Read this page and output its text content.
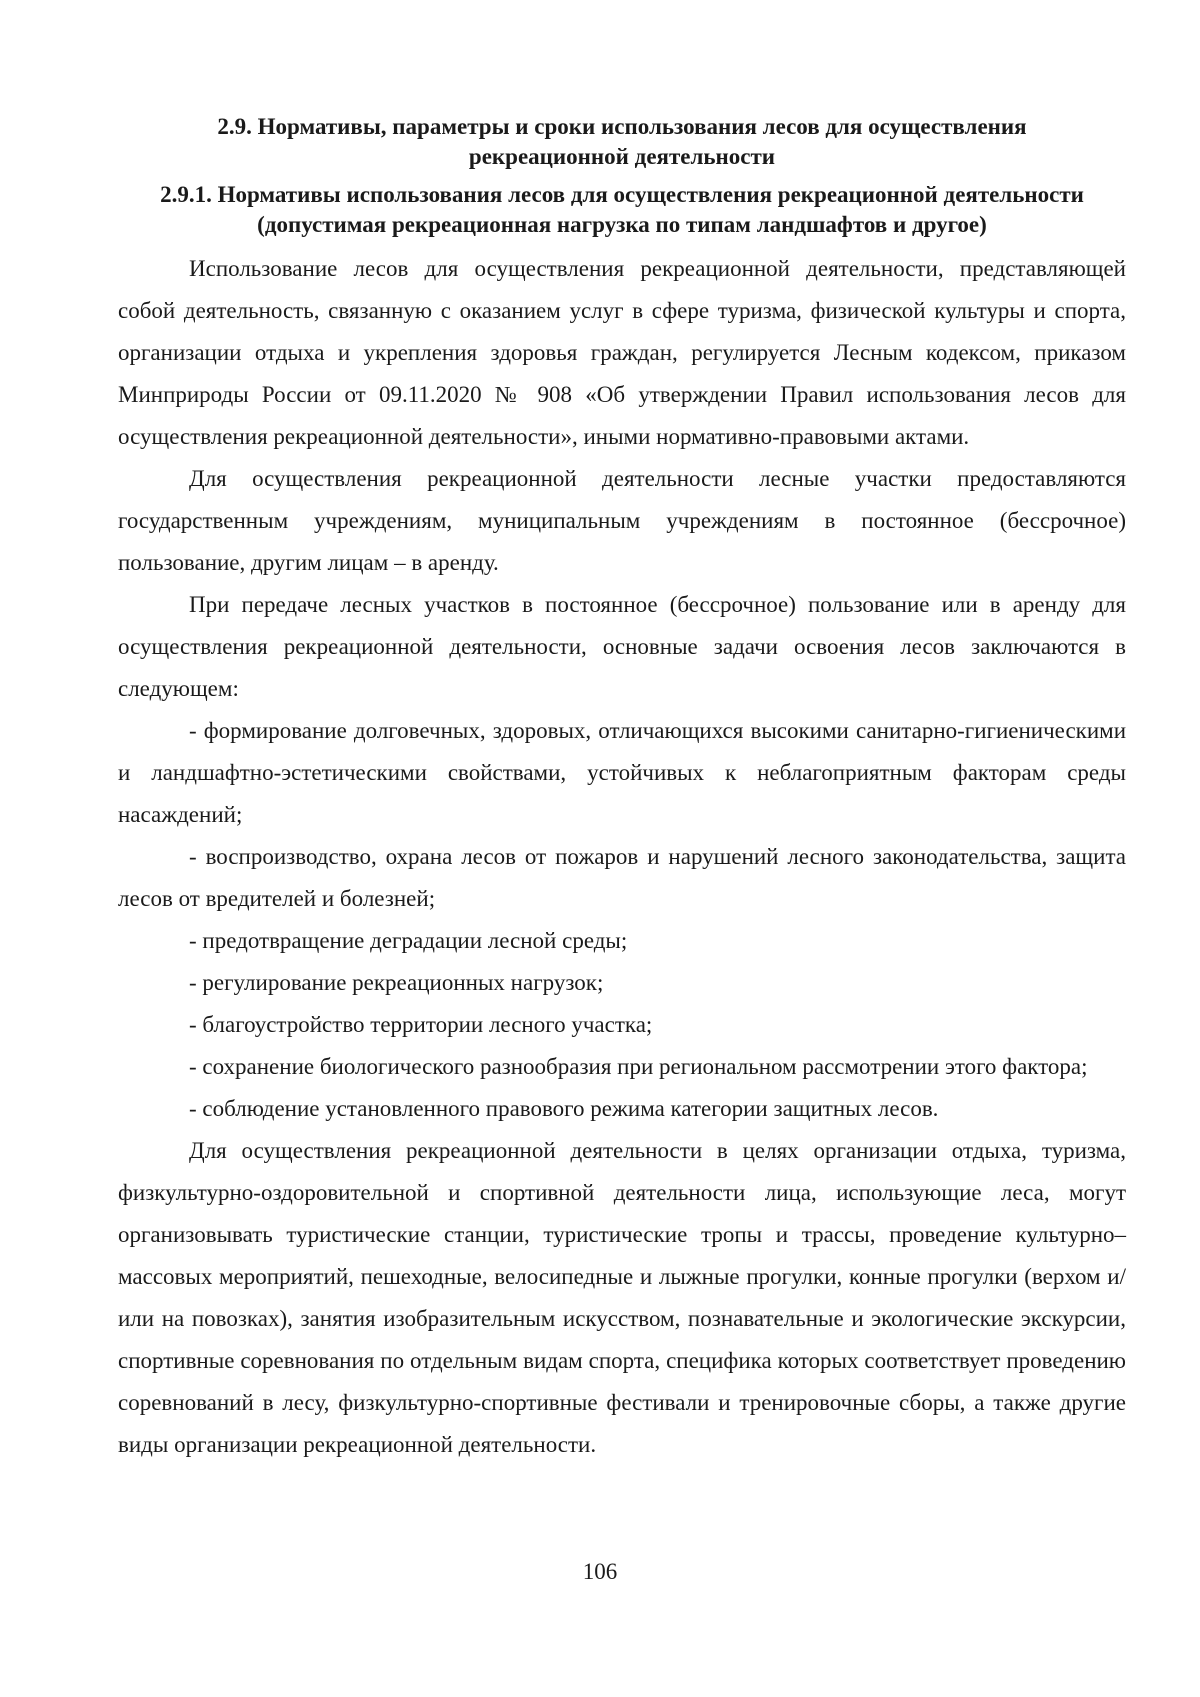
2.9. Нормативы, параметры и сроки использования лесов для осуществления
рекреационной деятельности
2.9.1. Нормативы использования лесов для осуществления рекреационной деятельности
(допустимая рекреационная нагрузка по типам ландшафтов и другое)

Использование лесов для осуществления рекреационной деятельности, представляющей собой деятельность, связанную с оказанием услуг в сфере туризма, физической культуры и спорта, организации отдыха и укрепления здоровья граждан, регулируется Лесным кодексом, приказом Минприроды России от 09.11.2020 № 908 «Об утверждении Правил использования лесов для осуществления рекреационной деятельности», иными нормативно-правовыми актами.

Для осуществления рекреационной деятельности лесные участки предоставляются государственным учреждениям, муниципальным учреждениям в постоянное (бессрочное) пользование, другим лицам – в аренду.

При передаче лесных участков в постоянное (бессрочное) пользование или в аренду для осуществления рекреационной деятельности, основные задачи освоения лесов заключаются в следующем:

- формирование долговечных, здоровых, отличающихся высокими санитарно-гигиеническими и ландшафтно-эстетическими свойствами, устойчивых к неблагоприятным факторам среды насаждений;

- воспроизводство, охрана лесов от пожаров и нарушений лесного законодательства, защита лесов от вредителей и болезней;

- предотвращение деградации лесной среды;

- регулирование рекреационных нагрузок;

- благоустройство территории лесного участка;

- сохранение биологического разнообразия при региональном рассмотрении этого фактора;

- соблюдение установленного правового режима категории защитных лесов.

Для осуществления рекреационной деятельности в целях организации отдыха, туризма, физкультурно-оздоровительной и спортивной деятельности лица, использующие леса, могут организовывать туристические станции, туристические тропы и трассы, проведение культурно–массовых мероприятий, пешеходные, велосипедные и лыжные прогулки, конные прогулки (верхом и/или на повозках), занятия изобразительным искусством, познавательные и экологические экскурсии, спортивные соревнования по отдельным видам спорта, специфика которых соответствует проведению соревнований в лесу, физкультурно-спортивные фестивали и тренировочные сборы, а также другие виды организации рекреационной деятельности.

106
